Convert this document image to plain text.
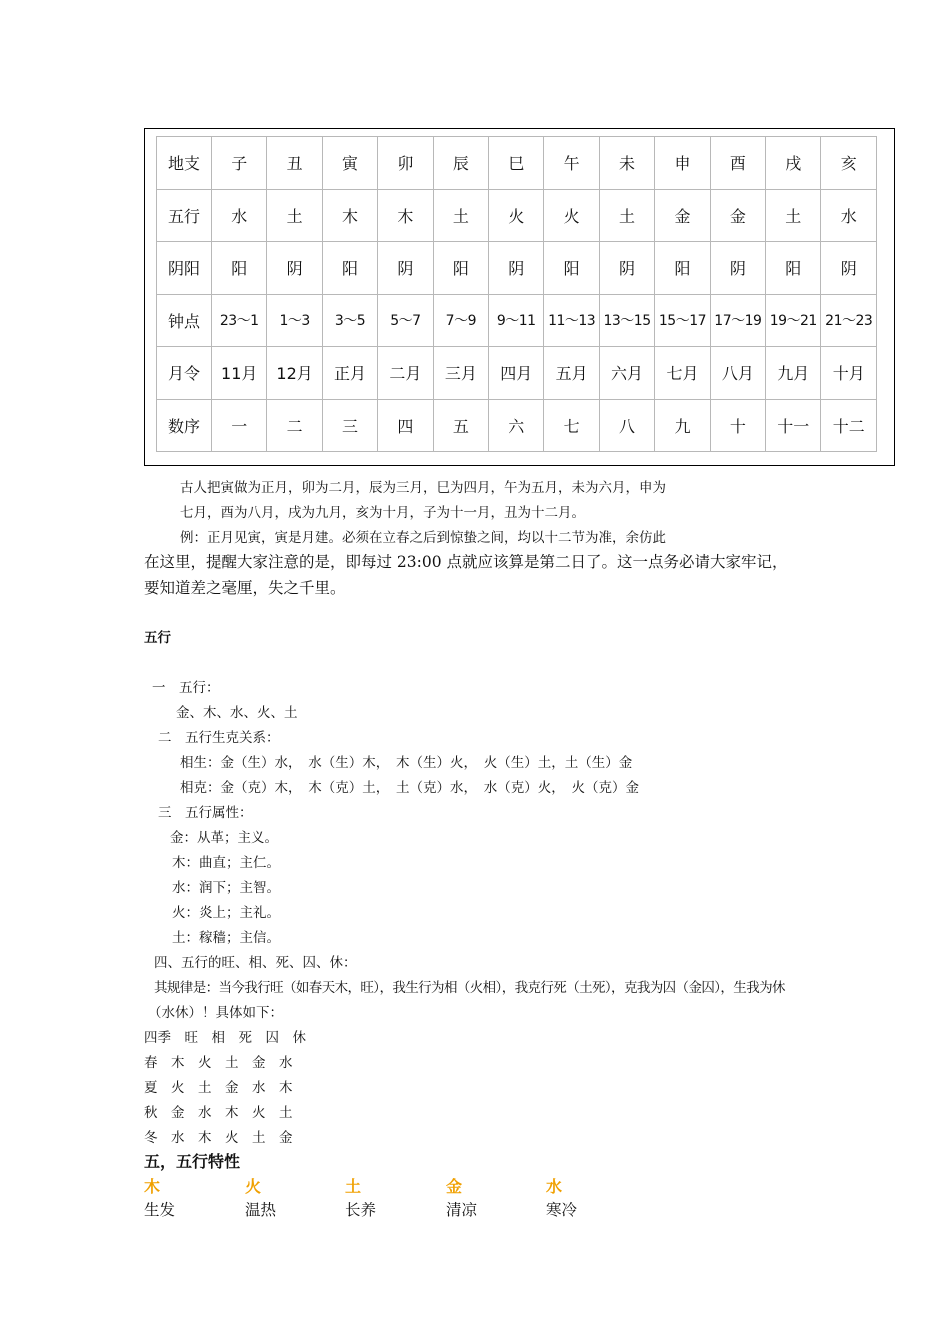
地支	子	丑	寅	卯	辰	巳	午	未	申	酉	戌	亥
五行	水	土	木	木	土	火	火	土	金	金	土	水
阴阳	阳	阴	阳	阴	阳	阴	阳	阴	阳	阴	阳	阴
钟点	23～1	1～3	3～5	5～7	7～9	9～11	11～13	13～15	15～17	17～19	19～21	21～23
月令	11月	12月	正月	二月	三月	四月	五月	六月	七月	八月	九月	十月
数序	一	二	三	四	五	六	七	八	九	十	十一	十二
古人把寅做为正月，卯为二月，辰为三月，巳为四月，午为五月，未为六月，申为
七月，酉为八月，戌为九月，亥为十月，子为十一月，丑为十二月。
例：正月见寅，寅是月建。必须在立春之后到惊蛰之间，均以十二节为准，余仿此
在这里，提醒大家注意的是，即每过 23:00 点就应该算是第二日了。这一点务必请大家牢记，
要知道差之毫厘，失之千里。
五行
一　五行：
金、木、水、火、土
二　五行生克关系：
相生：金（生）水，　水（生）木，　木（生）火，　火（生）土，土（生）金
相克：金（克）木，　木（克）土，　土（克）水，　水（克）火，　火（克）金
三　五行属性：
金：从革；主义。
木：曲直；主仁。
水：润下；主智。
火：炎上；主礼。
土：稼穑；主信。
四、五行的旺、相、死、囚、休：
其规律是：当今我行旺（如春天木，旺），我生行为相（火相），我克行死（土死），克我为囚（金囚），生我为休
（水休）！具体如下：
四季　旺　相　死　囚　休
春　木　火　土　金　水
夏　火　土　金　水　木
秋　金　水　木　火　土
冬　水　木　火　土　金
五，五行特性
木	火	土	金	水
生发	温热	长养	清凉	寒冷
